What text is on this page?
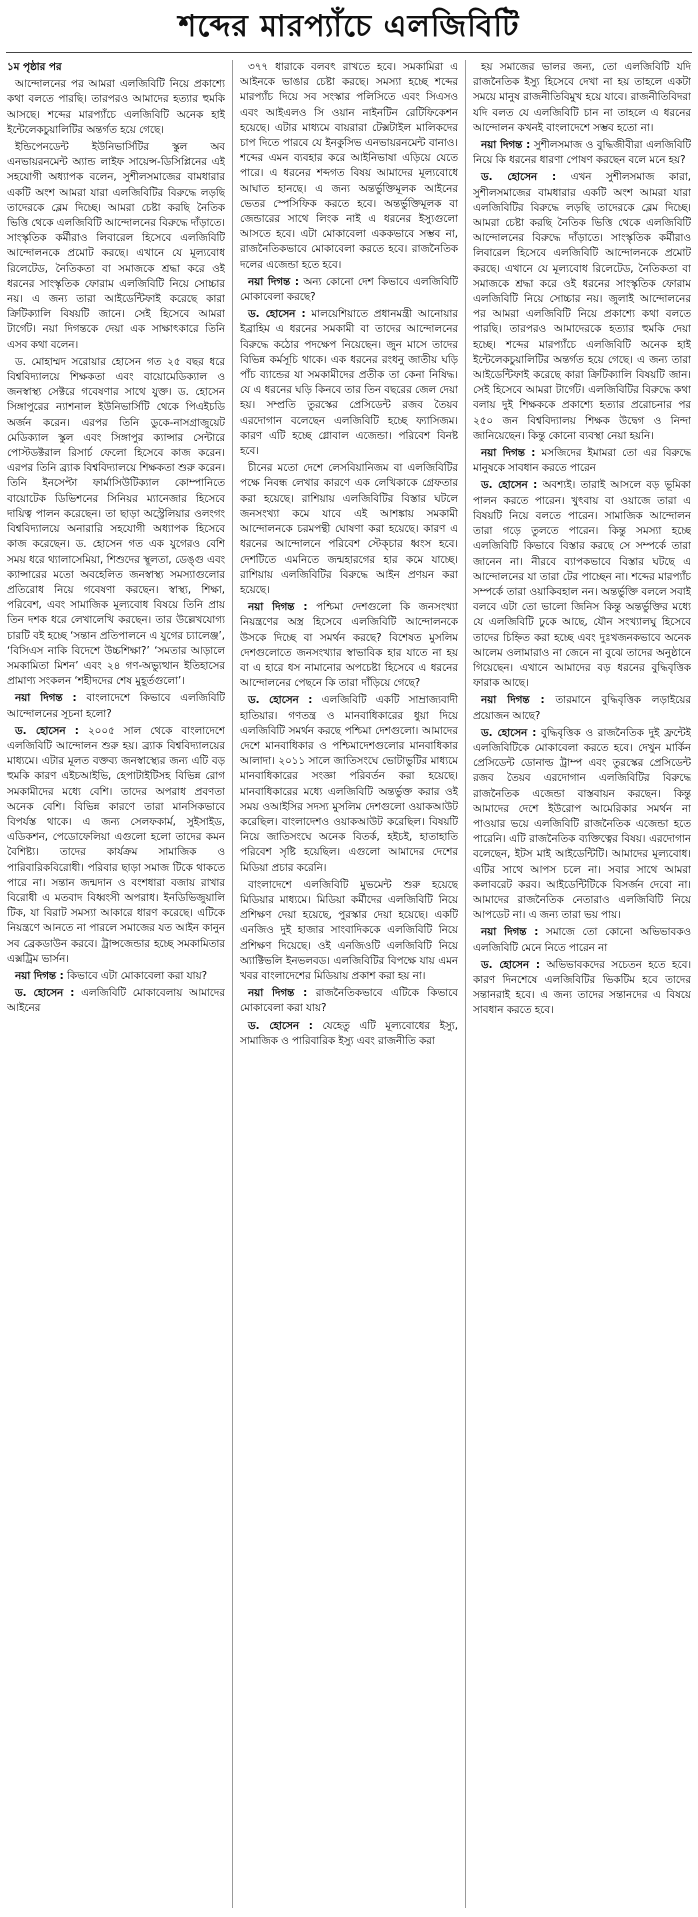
শব্দের মারপ্যাঁচে এলজিবিটি

১ম পৃষ্ঠার পর

আন্দোলনের পর আমরা এলজিবিটি নিয়ে প্রকাশ্যে কথা বলতে পারছি। তারপরও আমাদের হত্যার হুমকি আসছে। শব্দের মারপ্যাঁচে এলজিবিটি অনেক হাই ইন্টেলেকচুয়ালিটির অন্তর্গত হয়ে গেছে।

ইন্ডিপেনডেন্ট ইউনিভার্সিটির স্কুল অব এনভায়রনমেন্ট অ্যান্ড লাইফ সায়েন্স-ডিসিপ্লিনের এই সহযোগী অধ্যাপক বলেন, সুশীলসমাজের বামধারার একটি অংশ আমরা যারা এলজিবিটির বিরুদ্ধে লড়ছি তাদেরকে ব্লেম দিচ্ছে। আমরা চেষ্টা করছি নৈতিক ভিত্তি থেকে এলজিবিটি আন্দোলনের বিরুদ্ধে দাঁড়াতে। সাংস্কৃতিক কর্মীরাও লিবারেল হিসেবে এলজিবিটি আন্দোলনকে প্রমোট করছে। এখানে যে মূল্যবোধ রিলেটেড, নৈতিকতা বা সমাজকে শ্রদ্ধা করে ওই ধরনের সাংস্কৃতিক ফোরাম এলজিবিটি নিয়ে সোচ্চার নয়। এ জন্য তারা আইডেন্টিফাই করেছে কারা ক্রিটিক্যালি বিষয়টি জানে। সেই হিসেবে আমরা টার্গেট। নয়া দিগন্তকে দেয়া এক সাক্ষাৎকারে তিনি এসব কথা বলেন।

ড. মোহাম্মদ সরোয়ার হোসেন গত ২৫ বছর ধরে বিশ্ববিদ্যালয়ে শিক্ষকতা এবং বায়োমেডিক্যাল ও জনস্বাস্থ্য সেক্টরে গবেষণার সাথে যুক্ত। ড. হোসেন সিঙ্গাপুরের ন্যাশনাল ইউনিভার্সিটি থেকে পিএইচডি অর্জন করেন। এরপর তিনি ডুকে-নাসগ্রাজুয়েট মেডিক্যাল স্কুল এবং সিঙ্গাপুর ক্যান্সার সেন্টারে পোস্টডক্টরাল রিসার্চ ফেলো হিসেবে কাজ করেন। এরপর তিনি ব্র্যাক বিশ্ববিদ্যালয়ে শিক্ষকতা শুরু করেন। তিনি ইনসেপ্টা ফার্মাসিউটিক্যাল কোম্পানিতে বায়োটেক ডিভিশনের সিনিয়র ম্যানেজার হিসেবে দায়িত্ব পালন করেছেন। তা ছাড়া অস্ট্রেলিয়ার ওলংগং বিশ্ববিদ্যালয়ে অনারারি সহযোগী অধ্যাপক হিসেবে কাজ করেছেন। ড. হোসেন গত এক যুগেরও বেশি সময় ধরে থ্যালাসেমিয়া, শিশুদের স্থূলতা, ডেঙ্গু এবং ক্যান্সারের মতো অবহেলিত জনস্বাস্থ্য সমস্যাগুলোর প্রতিরোধ নিয়ে গবেষণা করছেন। স্বাস্থ্য, শিক্ষা, পরিবেশ, এবং সামাজিক মূল্যবোধ বিষয়ে তিনি প্রায় তিন দশক ধরে লেখালেখি করছেন। তার উল্লেখযোগ্য চারটি বই হচ্ছে ‘সন্তান প্রতিপালনে এ যুগের চ্যালেঞ্জ’, ‘বিসিএস নাকি বিদেশে উচ্চশিক্ষা?’ ‘সমতার আড়ালে সমকামিতা মিশন’ এবং ২৪ গণ-অভ্যুত্থান ইতিহাসের প্রামাণ্য সংকলন ‘শহীদদের শেষ মুহূর্তগুলো’।

নয়া দিগন্ত : বাংলাদেশে কিভাবে এলজিবিটি আন্দোলনের সূচনা হলো?

ড. হোসেন : ২০০৫ সাল থেকে বাংলাদেশে এলজিবিটি আন্দোলন শুরু হয়। ব্র্যাক বিশ্ববিদ্যালয়ের মাধ্যমে। এটার মূলত বক্তব্য জনস্বাস্থ্যের জন্য এটি বড় হুমকি কারণ এইচআইভি, হেপাটাইটিসহ বিভিন্ন রোগ সমকামীদের মধ্যে বেশি। তাদের অপরাধ প্রবণতা অনেক বেশি। বিভিন্ন কারণে তারা মানসিকভাবে বিপর্যস্ত থাকে। এ জন্য সেলফকার্ম, সুইসাইড, এডিকশন, পেডোফেলিয়া এগুলো হলো তাদের কমন বৈশিষ্ট্য। তাদের কার্যক্রম সামাজিক ও পারিবারিকবিরোধী। পরিবার ছাড়া সমাজ টিকে থাকতে পারে না। সন্তান জন্মদান ও বংশধারা বজায় রাখার বিরোধী এ মতবাদ বিধ্বংসী অপরাধ। ইনডিভিজুয়ালি টিক, যা বিরাট সমস্যা আকারে ধারণ করেছে। এটিকে নিয়ন্ত্রণে আনতে না পারলে সমাজের যত আইন কানুন সব ব্রেকডাউন করবে। ট্রান্সজেন্ডার হচ্ছে সমকামিতার এক্সট্রিম ভার্সন।

নয়া দিগন্ত : কিভাবে এটা মোকাবেলা করা যায়?

ড. হোসেন : এলজিবিটি মোকাবেলায় আমাদের আইনের

৩৭৭ ধারাকে বলবৎ রাখতে হবে। সমকামিরা এ আইনকে ভাঙার চেষ্টা করছে। সমস্যা হচ্ছে শব্দের মারপ্যাঁচ দিয়ে সব সংস্কার পলিসিতে এবং সিএসও এবং আইএলও সি ওয়ান নাইনটিন রেটিফিকেশন হয়েছে। এটার মাধ্যমে বায়রারা টেক্সটাইল মালিকদের চাপ দিতে পারবে যে ইনকুসিভ এনভায়রনমেন্ট বানাও। শব্দের এমন ব্যবহার করে আইনিভাষা এড়িয়ে যেতে পারে। এ ধরনের শব্দগত বিষয় আমাদের মূল্যবোধে আঘাত হানছে। এ জন্য অন্তর্ভুক্তিমূলক আইনের ভেতর স্পেসিফিক করতে হবে। অন্তর্ভুক্তিমূলক বা জেন্ডারের সাথে লিংক নাই এ ধরনের ইস্যুগুলো আসতে হবে। এটা মোকাবেলা এককভাবে সম্ভব না, রাজনৈতিকভাবে মোকাবেলা করতে হবে। রাজনৈতিক দলের এজেন্ডা হতে হবে।

নয়া দিগন্ত : অন্য কোনো দেশ কিভাবে এলজিবিটি মোকাবেলা করছে?

ড. হোসেন : মালয়েশিয়াতে প্রধানমন্ত্রী আনোয়ার ইব্রাহিম এ ধরনের সমকামী বা তাদের আন্দোলনের বিরুদ্ধে কঠোর পদক্ষেপ নিয়েছেন। জুন মাসে তাদের বিভিন্ন কর্মসূচি থাকে। এক ধরনের রংধনু জাতীয় ঘড়ি পাঁচ ব্যান্ডের যা সমকামীদের প্রতীক তা কেনা নিষিদ্ধ। যে এ ধরনের ঘড়ি কিনবে তার তিন বছরের জেল দেয়া হয়। সম্প্রতি তুরস্কের প্রেসিডেন্ট রজব তৈয়ব এরদোগান বলেছেন এলজিবিটি হচ্ছে ফ্যাসিজম। কারণ এটি হচ্ছে গ্লোবাল এজেন্ডা। পরিবেশ বিনষ্ট হবে।

চীনের মতো দেশে লেসবিয়ানিজম বা এলজিবিটির পক্ষে নিবন্ধ লেখার কারণে এক লেখিকাকে গ্রেফতার করা হয়েছে। রাশিয়ায় এলজিবিটির বিস্তার ঘটলে জনসংখ্যা কমে যাবে এই আশঙ্কায় সমকামী আন্দোলনকে চরমপন্থী ঘোষণা করা হয়েছে। কারণ এ ধরনের আন্দোলনে পরিবেশ স্টেক্চার ধ্বংস হবে। দেশটিতে এমনিতে জন্মহারগের হার কমে যাচ্ছে। রাশিয়ায় এলজিবিটির বিরুদ্ধে আইন প্রণয়ন করা হয়েছে।

নয়া দিগন্ত : পশ্চিমা দেশগুলো কি জনসংখ্যা নিয়ন্ত্রণের অস্ত্র হিসেবে এলজিবিটি আন্দোলনকে উসকে দিচ্ছে বা সমর্থন করছে? বিশেষত মুসলিম দেশগুলোতে জনসংখ্যার স্বাভাবিক হার যাতে না হয় বা এ হারে ধস নামানোর অপচেষ্টা হিসেবে এ ধরনের আন্দোলনের পেছনে কি তারা দাঁড়িয়ে গেছে?

ড. হোসেন : এলজিবিটি একটি সাম্রাজ্যবাদী হাতিয়ার। গণতন্ত্র ও মানবাধিকারের ধুয়া দিয়ে এলজিবিটি সমর্থন করছে পশ্চিমা দেশগুলো। আমাদের দেশে মানবাধিকার ও পশ্চিমাদেশগুলোর মানবাধিকার আলাদা। ২০১১ সালে জাতিসংঘে ভোটাভুটির মাধ্যমে মানবাধিকারের সংজ্ঞা পরিবর্তন করা হয়েছে। মানবাধিকারের মধ্যে এলজিবিটি অন্তর্ভুক্ত করার ওই সময় ওআইসির সদস্য মুসলিম দেশগুলো ওয়াকআউট করেছিল। বাংলাদেশও ওয়াকআউট করেছিল। বিষয়টি নিয়ে জাতিসংঘে অনেক বিতর্ক, হইচই, হাতাহাতি পরিবেশ সৃষ্টি হয়েছিল। এগুলো আমাদের দেশের মিডিয়া প্রচার করেনি।

বাংলাদেশে এলজিবিটি মুভমেন্ট শুরু হয়েছে মিডিয়ার মাধ্যমে। মিডিয়া কর্মীদের এলজিবিটি নিয়ে প্রশিক্ষণ দেয়া হয়েছে, পুরস্কার দেয়া হয়েছে। একটি এনজিও দুই হাজার সাংবাদিককে এলজিবিটি নিয়ে প্রশিক্ষণ দিয়েছে। ওই এনজিওটি এলজিবিটি নিয়ে অ্যাক্টিভলি ইনভলবড। এলজিবিটির বিপক্ষে যায় এমন খবর বাংলাদেশের মিডিয়ায় প্রকাশ করা হয় না।

নয়া দিগন্ত : রাজনৈতিকভাবে এটিকে কিভাবে মোকাবেলা করা যায়?

ড. হোসেন : যেহেতু এটি মূল্যবোধের ইস্যু, সামাজিক ও পারিবারিক ইস্যু এবং রাজনীতি করা

হয় সমাজের ভালর জন্য, তো এলজিবিটি যদি রাজনৈতিক ইস্যু হিসেবে দেখা না হয় তাহলে একটা সময়ে মানুষ রাজনীতিবিমুখ হয়ে যাবে। রাজনীতিবিদরা যদি বলত যে এলজিবিটি চান না তাহলে এ ধরনের আন্দোলন কখনই বাংলাদেশে সম্ভব হতো না।

নয়া দিগন্ত : সুশীলসমাজ ও বুদ্ধিজীবীরা এলজিবিটি নিয়ে কি ধরনের ধারণা পোষণ করছেন বলে মনে হয়?

ড. হোসেন : এখন সুশীলসমাজ কারা, সুশীলসমাজের বামধারার একটি অংশ আমরা যারা এলজিবিটির বিরুদ্ধে লড়ছি তাদেরকে ব্লেম দিচ্ছে। আমরা চেষ্টা করছি নৈতিক ভিত্তি থেকে এলজিবিটি আন্দোলনের বিরুদ্ধে দাঁড়াতে। সাংস্কৃতিক কর্মীরাও লিবারেল হিসেবে এলজিবিটি আন্দোলনকে প্রমোট করছে। এখানে যে মূল্যবোধ রিলেটেড, নৈতিকতা বা সমাজকে শ্রদ্ধা করে ওই ধরনের সাংস্কৃতিক ফোরাম এলজিবিটি নিয়ে সোচ্চার নয়। জুলাই আন্দোলনের পর আমরা এলজিবিটি নিয়ে প্রকাশ্যে কথা বলতে পারছি। তারপরও আমাদেরকে হত্যার হুমকি দেয়া হচ্ছে। শব্দের মারপ্যাঁচে এলজিবিটি অনেক হাই ইন্টেলেকচুয়ালিটির অন্তর্গত হয়ে গেছে। এ জন্য তারা আইডেন্টিফাই করেছে কারা ক্রিটিক্যালি বিষয়টি জান। সেই হিসেবে আমরা টার্গেট। এলজিবিটির বিরুদ্ধে কথা বলায় দুই শিক্ষককে প্রকাশ্যে হত্যার প্ররোচনার পর ২৫০ জন বিশ্ববিদ্যালয় শিক্ষক উদ্বেগ ও নিন্দা জানিয়েছেন। কিন্তু কোনো ব্যবস্থা নেয়া হয়নি।

নয়া দিগন্ত : মসজিদের ইমামরা তো এর বিরুদ্ধে মানুষকে সাবধান করতে পারেন

ড. হোসেন : অবশ্যই। তারাই আসলে বড় ভূমিকা পালন করতে পারেন। খুৎবায় বা ওয়াজে তারা এ বিষয়টি নিয়ে বলতে পারেন। সামাজিক আন্দোলন তারা গড়ে তুলতে পারেন। কিন্তু সমস্যা হচ্ছে এলজিবিটি কিভাবে বিস্তার করছে সে সম্পর্কে তারা জানেন না। নীরবে ব্যাপকভাবে বিস্তার ঘটছে এ আন্দোলনের যা তারা টের পাচ্ছেন না। শব্দের মারপ্যাঁচ সম্পর্কে তারা ওয়াকিবহাল নন। অন্তর্ভুক্তি বললে সবাই বলবে এটা তো ভালো জিনিস কিন্তু অন্তর্ভুক্তির মধ্যে যে এলজিবিটি ঢুকে আছে, যৌন সংখ্যালঘু হিসেবে তাদের চিহ্নিত করা হচ্ছে এবং দুঃখজনকভাবে অনেক আলেম ওলামারাও না জেনে না বুঝে তাদের অনুষ্ঠানে গিয়েছেন। এখানে আমাদের বড় ধরনের বুদ্ধিবৃত্তিক ফারাক আছে।

নয়া দিগন্ত : তারমানে বুদ্ধিবৃত্তিক লড়াইয়ের প্রয়োজন আছে?

ড. হোসেন : বুদ্ধিবৃত্তিক ও রাজনৈতিক দুই ফ্রন্টেই এলজিবিটিকে মোকাবেলা করতে হবে। দেখুন মার্কিন প্রেসিডেন্ট ডোনাল্ড ট্রাম্প এবং তুরস্কের প্রেসিডেন্ট রজব তৈয়ব এরদোগান এলজিবিটির বিরুদ্ধে রাজনৈতিক এজেন্ডা বাস্তবায়ন করছেন। কিন্তু আমাদের দেশে ইউরোপ আমেরিকার সমর্থন না পাওয়ার ভয়ে এলজিবিটি রাজনৈতিক এজেন্ডা হতে পারেনি। এটি রাজনৈতিক ব্যক্তিত্বের বিষয়। এরদোগান বলেছেন, ইটস মাই আইডেন্টিটি। আমাদের মূল্যবোধ। এটির সাথে আপস চলে না। সবার সাথে আমরা কলাবরেট করব। আইডেন্টিটিকে বিসর্জন দেবো না। আমাদের রাজনৈতিক নেতারাও এলজিবিটি নিয়ে আপডেট না। এ জন্য তারা ভয় পায়।

নয়া দিগন্ত : সমাজে তো কোনো অভিভাবকও এলজিবিটি মেনে নিতে পারেন না

ড. হোসেন : অভিভাবকদের সচেতন হতে হবে। কারণ দিনশেষে এলজিবিটির ভিকটিম হবে তাদের সন্তানরাই হবে। এ জন্য তাদের সন্তানদের এ বিষয়ে সাবধান করতে হবে।
